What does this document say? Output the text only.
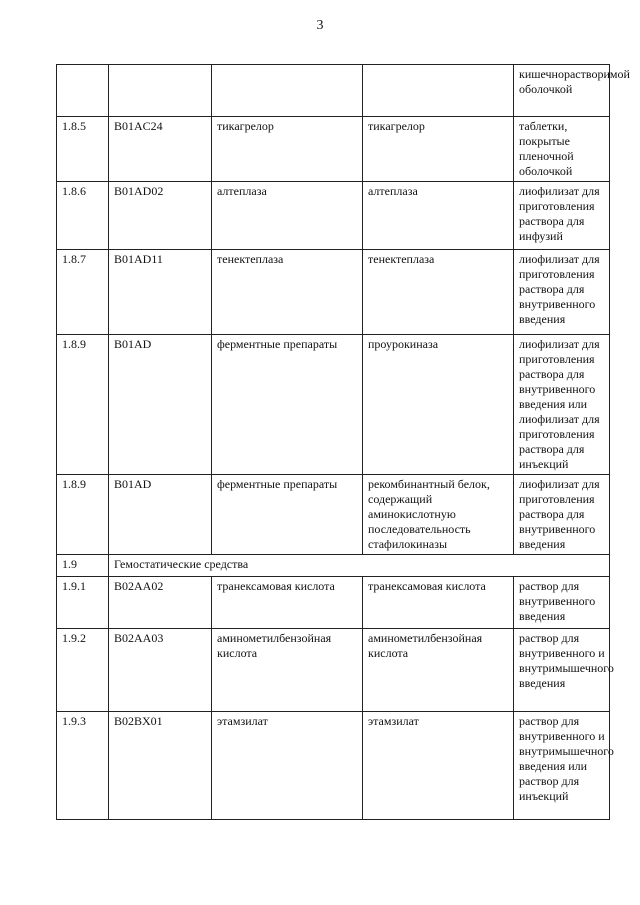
3
				кишечнорастворимой оболочкой
1.8.5	B01AC24	тикагрелор	тикагрелор	таблетки, покрытые пленочной оболочкой
1.8.6	B01AD02	алтеплаза	алтеплаза	лиофилизат для приготовления раствора для инфузий
1.8.7	B01AD11	тенектеплаза	тенектеплаза	лиофилизат для приготовления раствора для внутривенного введения
1.8.9	B01AD	ферментные препараты	проурокиназа	лиофилизат для приготовления раствора для внутривенного введения или лиофилизат для приготовления раствора для инъекций
1.8.9	B01AD	ферментные препараты	рекомбинантный белок, содержащий аминокислотную последовательность стафилокиназы	лиофилизат для приготовления раствора для внутривенного введения
1.9	Гемостатические средства			
1.9.1	B02AA02	транексамовая кислота	транексамовая кислота	раствор для внутривенного введения
1.9.2	B02AA03	аминометилбензойная кислота	аминометилбензойная кислота	раствор для внутривенного и внутримышечного введения
1.9.3	B02BX01	этамзилат	этамзилат	раствор для внутривенного и внутримышечного введения или раствор для инъекций
